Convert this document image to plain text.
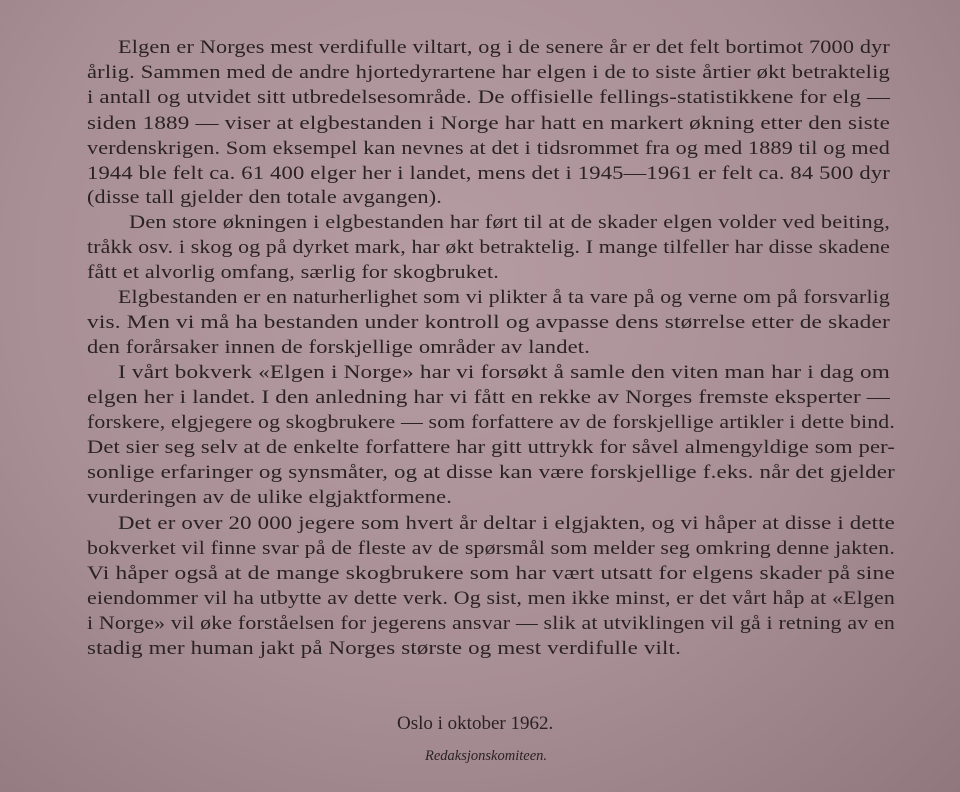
Elgen er Norges mest verdifulle viltart, og i de senere år er det felt bortimot 7000 dyr
årlig. Sammen med de andre hjortedyrartene har elgen i de to siste årtier økt betraktelig
i antall og utvidet sitt utbredelsesområde. De offisielle fellings-statistikkene for elg —
siden 1889 — viser at elgbestanden i Norge har hatt en markert økning etter den siste
verdenskrigen. Som eksempel kan nevnes at det i tidsrommet fra og med 1889 til og med
1944 ble felt ca. 61 400 elger her i landet, mens det i 1945—1961 er felt ca. 84 500 dyr
(disse tall gjelder den totale avgangen).
Den store økningen i elgbestanden har ført til at de skader elgen volder ved beiting,
tråkk osv. i skog og på dyrket mark, har økt betraktelig. I mange tilfeller har disse skadene
fått et alvorlig omfang, særlig for skogbruket.
Elgbestanden er en naturherlighet som vi plikter å ta vare på og verne om på forsvarlig
vis. Men vi må ha bestanden under kontroll og avpasse dens størrelse etter de skader
den forårsaker innen de forskjellige områder av landet.
I vårt bokverk «Elgen i Norge» har vi forsøkt å samle den viten man har i dag om
elgen her i landet. I den anledning har vi fått en rekke av Norges fremste eksperter —
forskere, elgjegere og skogbrukere — som forfattere av de forskjellige artikler i dette bind.
Det sier seg selv at de enkelte forfattere har gitt uttrykk for såvel almengyldige som per-
sonlige erfaringer og synsmåter, og at disse kan være forskjellige f.eks. når det gjelder
vurderingen av de ulike elgjaktformene.
Det er over 20 000 jegere som hvert år deltar i elgjakten, og vi håper at disse i dette
bokverket vil finne svar på de fleste av de spørsmål som melder seg omkring denne jakten.
Vi håper også at de mange skogbrukere som har vært utsatt for elgens skader på sine
eiendommer vil ha utbytte av dette verk. Og sist, men ikke minst, er det vårt håp at «Elgen
i Norge» vil øke forståelsen for jegerens ansvar — slik at utviklingen vil gå i retning av en
stadig mer human jakt på Norges største og mest verdifulle vilt.
Oslo i oktober 1962.
Redaksjonskomiteen.
